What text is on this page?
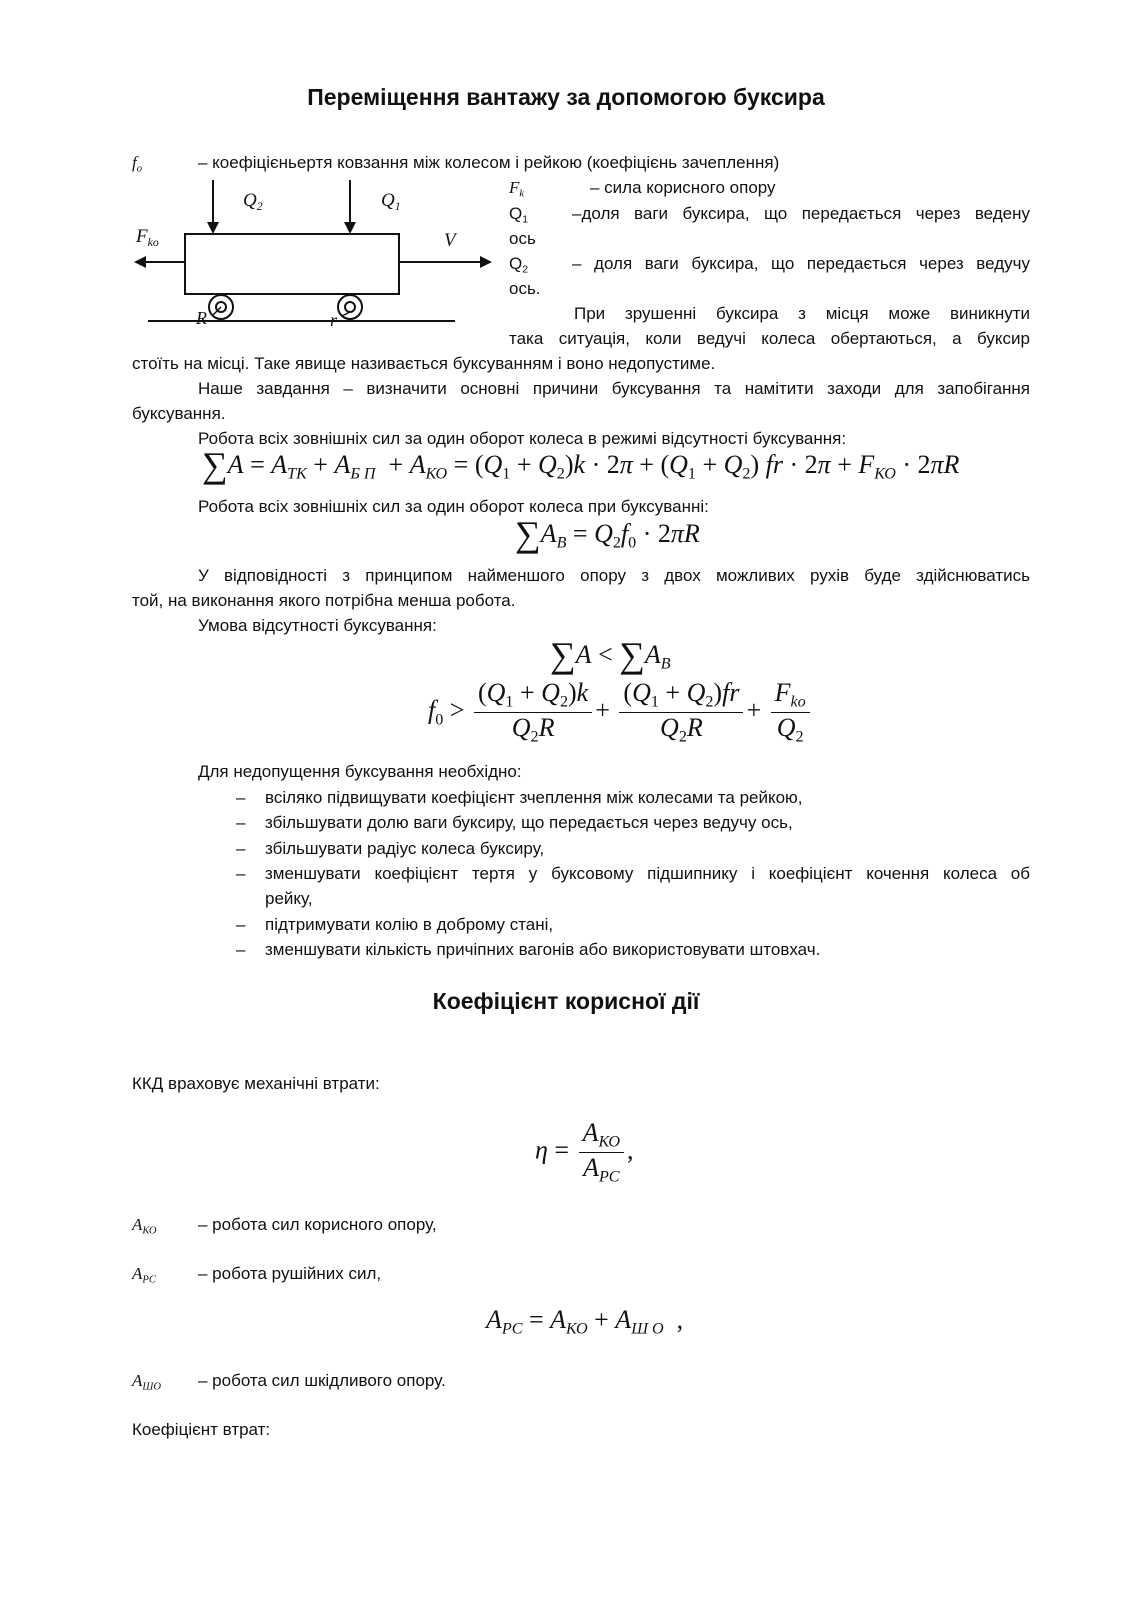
Переміщення вантажу за допомогою буксира
$f_o$	– коефіцієньертя ковзання між колесом і рейкою (коефіцієнь зачеплення)
$Q_2$	$Q_1$
$F_{ko}$	V
R	r
$F_k$	– сила корисного опору
$Q_1$	–доля ваги буксира, що передається через ведену
ось
$Q_2$	– доля ваги буксира, що передається через ведучу
ось.
При зрушенні буксира з місця може виникнути
така ситуація, коли ведучі колеса обертаються, а буксир
стоїть на місці. Таке явище називається буксуванням і воно недопустиме.
Наше завдання – визначити основні причини буксування та намітити заходи для запобігання
буксування.
Робота всіх зовнішніх сил за один оборот колеса в режимі відсутності буксування:
$\sum A = A_{ТК} + A_{Б П} + A_{КО} = (Q_1 + Q_2)k \cdot 2\pi + (Q_1 + Q_2)$ fr · $2\pi + F_{КО} \cdot 2\pi R$
Робота всіх зовнішніх сил за один оборот колеса при буксуванні:
$\sum A_B = Q_2f_0 \cdot 2\pi R$
У відповідності з принципом найменшого опору з двох можливих рухів буде здійснюватись
той, на виконання якого потрібна менша робота.
Умова відсутності буксування:
$\sum A < \sum A_B$
$f_0 > \frac{(Q_1 + Q_2)k}{Q_2R} + \frac{(Q_1 + Q_2)fr}{Q_2R} + \frac{F_{ko}}{Q_2}$
Для недопущення буксування необхідно:
– всіляко підвищувати коефіцієнт зчеплення між колесами та рейкою,
– збільшувати долю ваги буксиру, що передається через ведучу ось,
– збільшувати радіус колеса буксиру,
– зменшувати коефіцієнт тертя у буксовому підшипнику і коефіцієнт кочення колеса об
рейку,
– підтримувати колію в доброму стані,
– зменшувати кількість причіпних вагонів або використовувати штовхач.
Коефіцієнт корисної дії
ККД враховує механічні втрати:
$\eta = \frac{A_{КО}}{A_{РС}}$ ,
$A_{КО}$ – робота сил корисного опору,
$A_{РС}$ – робота рушійних сил,
$A_{РС} = A_{КО} + A_{Ш О}$  ,
$A_{ШО}$ – робота сил шкідливого опору.
Коефіцієнт втрат:
